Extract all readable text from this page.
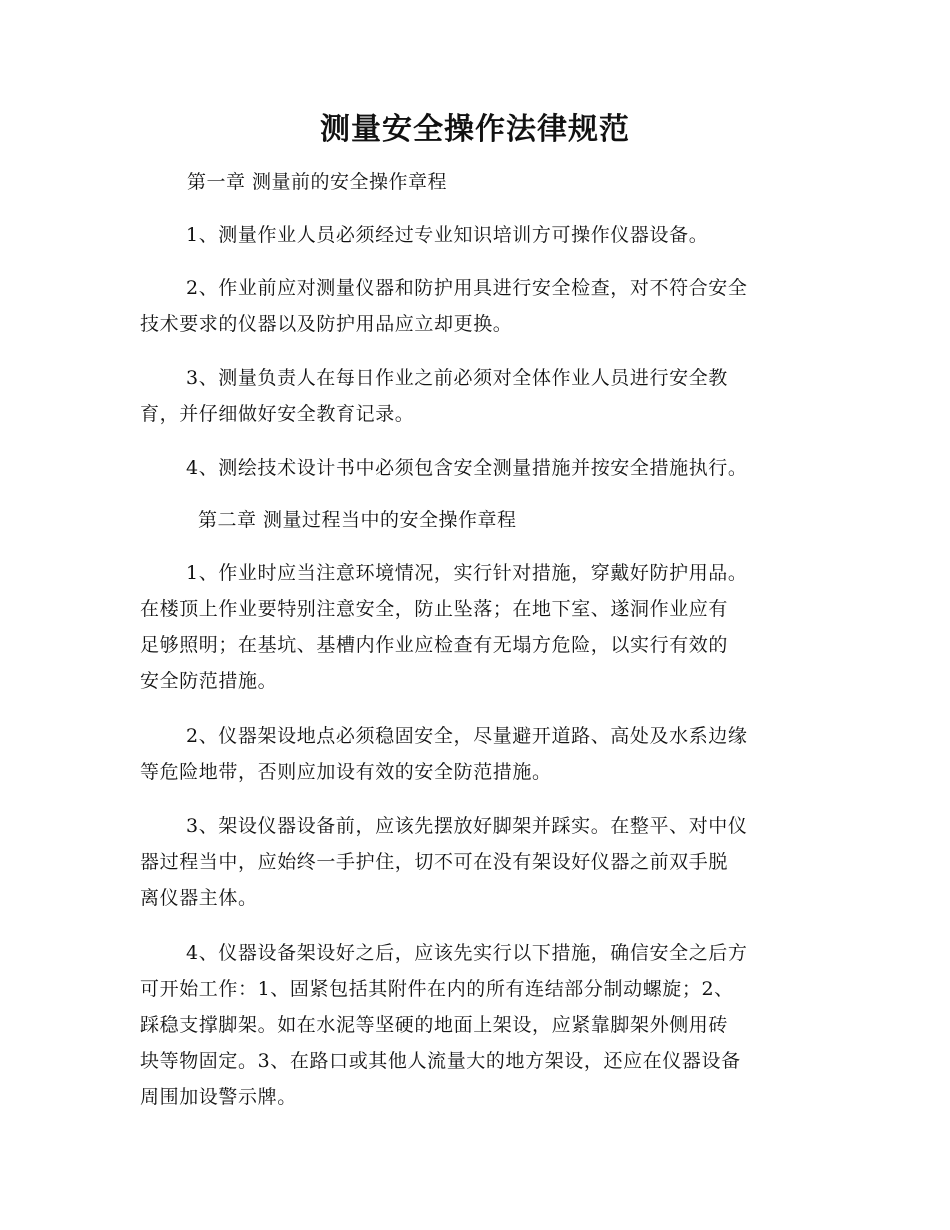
测量安全操作法律规范
第一章 测量前的安全操作章程
1、测量作业人员必须经过专业知识培训方可操作仪器设备。
2、作业前应对测量仪器和防护用具进行安全检查，对不符合安全
技术要求的仪器以及防护用品应立却更换。
3、测量负责人在每日作业之前必须对全体作业人员进行安全教
育，并仔细做好安全教育记录。
4、测绘技术设计书中必须包含安全测量措施并按安全措施执行。
第二章 测量过程当中的安全操作章程
1、作业时应当注意环境情况，实行针对措施，穿戴好防护用品。
在楼顶上作业要特别注意安全，防止坠落；在地下室、遂洞作业应有
足够照明；在基坑、基槽内作业应检查有无塌方危险，以实行有效的
安全防范措施。
2、仪器架设地点必须稳固安全，尽量避开道路、高处及水系边缘
等危险地带，否则应加设有效的安全防范措施。
3、架设仪器设备前，应该先摆放好脚架并踩实。在整平、对中仪
器过程当中，应始终一手护住，切不可在没有架设好仪器之前双手脱
离仪器主体。
4、仪器设备架设好之后，应该先实行以下措施，确信安全之后方
可开始工作：1、固紧包括其附件在内的所有连结部分制动螺旋；2、
踩稳支撑脚架。如在水泥等坚硬的地面上架设，应紧靠脚架外侧用砖
块等物固定。3、在路口或其他人流量大的地方架设，还应在仪器设备
周围加设警示牌。
